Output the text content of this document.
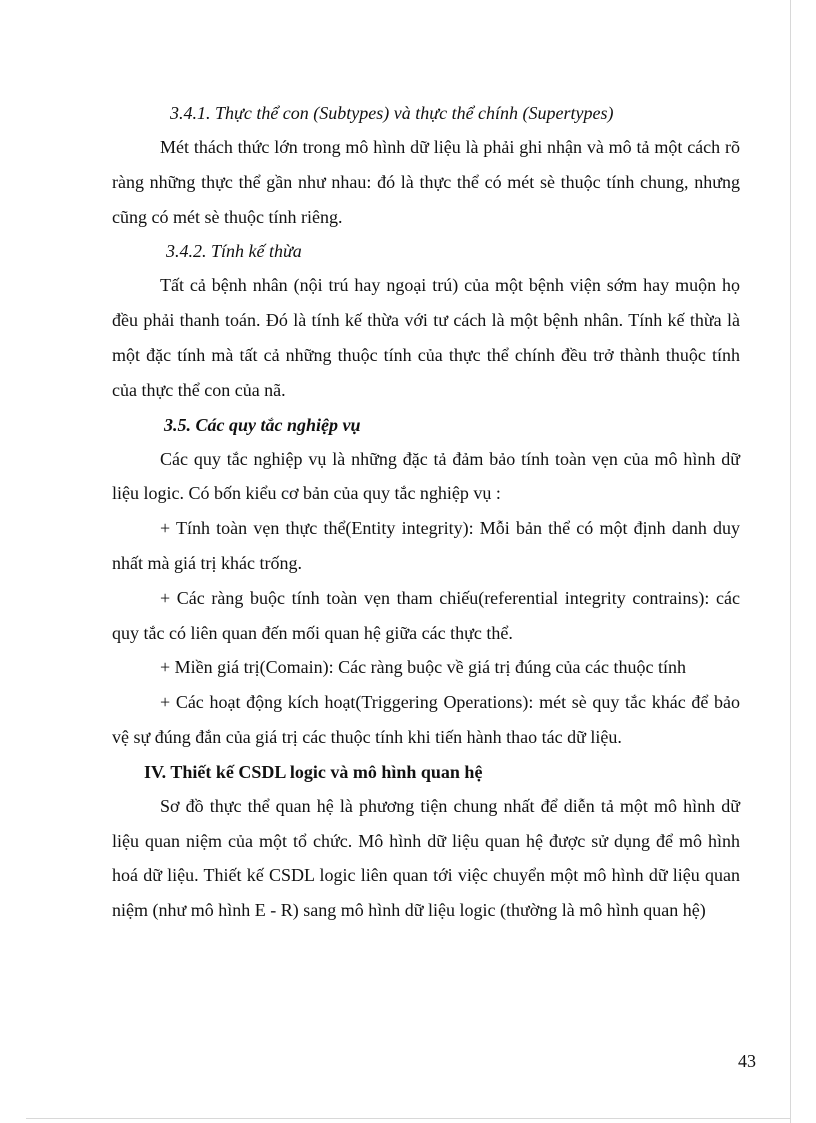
3.4.1. Thực thể con (Subtypes) và thực thể chính (Supertypes)

Mét thách thức lớn trong mô hình dữ liệu là phải ghi nhận và mô tả một cách rõ ràng những thực thể gần như nhau: đó là thực thể có mét sè thuộc tính chung, nhưng cũng có mét sè thuộc tính riêng.

3.4.2. Tính kế thừa

Tất cả bệnh nhân (nội trú hay ngoại trú) của một bệnh viện sớm hay muộn họ đều phải thanh toán. Đó là tính kế thừa với tư cách là một bệnh nhân. Tính kế thừa là một đặc tính mà tất cả những thuộc tính của thực thể chính đều trở thành thuộc tính của thực thể con của nã.

3.5. Các quy tắc nghiệp vụ

Các quy tắc nghiệp vụ là những đặc tả đảm bảo tính toàn vẹn của mô hình dữ liệu logic. Có bốn kiểu cơ bản của quy tắc nghiệp vụ :

+ Tính toàn vẹn thực thể(Entity integrity): Mỗi bản thể có một định danh duy nhất mà giá trị khác trống.

+ Các ràng buộc tính toàn vẹn tham chiếu(referential integrity contrains): các quy tắc có liên quan đến mối quan hệ giữa các thực thể.

+ Miền giá trị(Comain): Các ràng buộc về giá trị đúng của các thuộc tính

+ Các hoạt động kích hoạt(Triggering Operations): mét sè quy tắc khác để bảo vệ sự đúng đắn của giá trị các thuộc tính khi tiến hành thao tác dữ liệu.

IV. Thiết kế CSDL logic và mô hình quan hệ

Sơ đồ thực thể quan hệ là phương tiện chung nhất để diễn tả một mô hình dữ liệu quan niệm của một tổ chức. Mô hình dữ liệu quan hệ được sử dụng để mô hình hoá dữ liệu. Thiết kế CSDL logic liên quan tới việc chuyển một mô hình dữ liệu quan niệm (như mô hình E - R) sang mô hình dữ liệu logic (thường là mô hình quan hệ)

43
